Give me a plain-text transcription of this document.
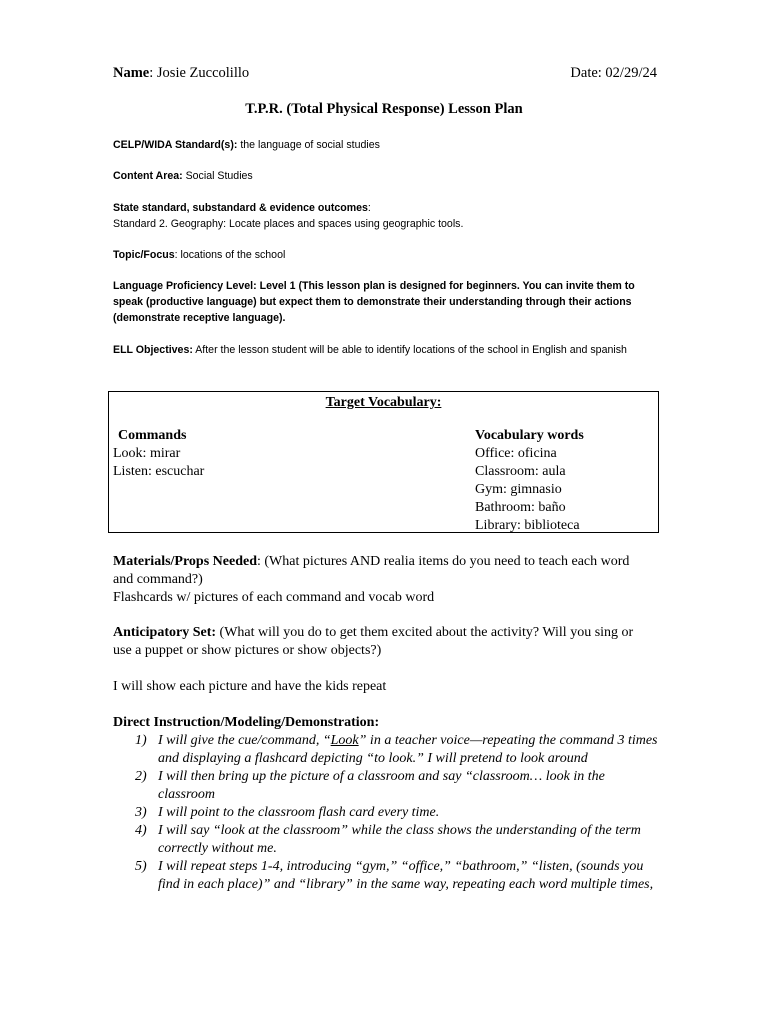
Name: Josie Zuccolillo	Date: 02/29/24
T.P.R. (Total Physical Response) Lesson Plan
CELP/WIDA Standard(s): the language of social studies
Content Area: Social Studies
State standard, substandard & evidence outcomes:
Standard 2. Geography: Locate places and spaces using geographic tools.
Topic/Focus: locations of the school
Language Proficiency Level: Level 1 (This lesson plan is designed for beginners. You can invite them to speak (productive language) but expect them to demonstrate their understanding through their actions (demonstrate receptive language).
ELL Objectives: After the lesson student will be able to identify locations of the school in English and spanish
Target Vocabulary:
Commands
Look: mirar
Listen: escuchar
Vocabulary words
Office: oficina
Classroom: aula
Gym: gimnasio
Bathroom: baño
Library: biblioteca
Materials/Props Needed: (What pictures AND realia items do you need to teach each word and command?)
Flashcards w/ pictures of each command and vocab word
Anticipatory Set: (What will you do to get them excited about the activity? Will you sing or use a puppet or show pictures or show objects?)
I will show each picture and have the kids repeat
Direct Instruction/Modeling/Demonstration:
1) I will give the cue/command, “Look” in a teacher voice—repeating the command 3 times and displaying a flashcard depicting “to look.” I will pretend to look around
2) I will then bring up the picture of a classroom and say “classroom… look in the classroom
3) I will point to the classroom flash card every time.
4) I will say “look at the classroom” while the class shows the understanding of the term correctly without me.
5) I will repeat steps 1-4, introducing “gym,” “office,” “bathroom,” “listen, (sounds you find in each place)” and “library” in the same way, repeating each word multiple times,
